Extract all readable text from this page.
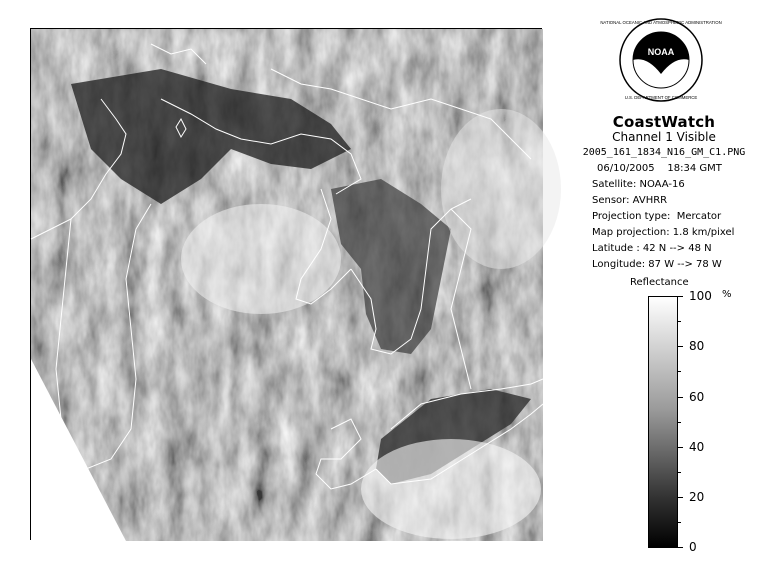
NOAA
NATIONAL OCEANIC AND ATMOSPHERIC ADMINISTRATION
U.S. DEPARTMENT OF COMMERCE
CoastWatch
Channel 1 Visible
2005_161_1834_N16_GM_C1.PNG
06/10/2005 18:34 GMT
Satellite: NOAA-16
Sensor: AVHRR
Projection type:  Mercator
Map projection: 1.8 km/pixel
Latitude : 42 N --> 48 N
Longitude: 87 W --> 78 W
Reflectance
%
100
80
60
40
20
0
